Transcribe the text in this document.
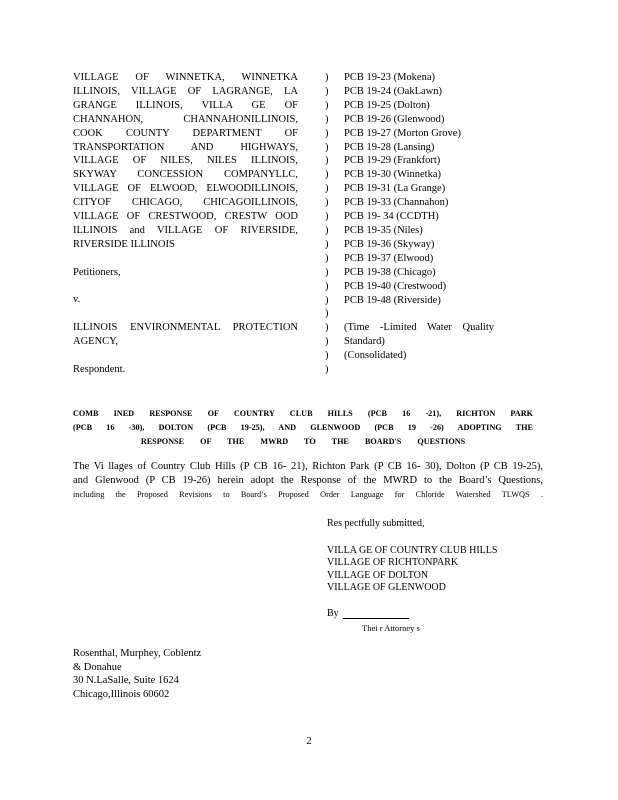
VILLAGE OF WINNETKA, WINNETKA
ILLINOIS, VILLAGE OF LAGRANGE, LA
GRANGE ILLINOIS, VILLA GE OF
CHANNAHON, CHANNAHONILLINOIS,
COOK COUNTY DEPARTMENT OF
TRANSPORTATION AND HIGHWAYS,
VILLAGE OF NILES, NILES ILLINOIS,
SKYWAY CONCESSION COMPANYLLC,
VILLAGE OF ELWOOD, ELWOODILLINOIS,
CITYOF CHICAGO, CHICAGOILLINOIS,
VILLAGE OF CRESTWOOD, CRESTW OOD
ILLINOIS and VILLAGE OF RIVERSIDE,
RIVERSIDE ILLINOIS
Petitioners,
v.
ILLINOIS ENVIRONMENTAL PROTECTION
AGENCY,
Respondent.
)
)
)
)
)
)
)
)
)
)
)
)
)
)
)
)
)
)
)
)
)
)
PCB 19-23 (Mokena)
PCB 19-24 (OakLawn)
PCB 19-25 (Dolton)
PCB 19-26 (Glenwood)
PCB 19-27 (Morton Grove)
PCB 19-28 (Lansing)
PCB 19-29 (Frankfort)
PCB 19-30 (Winnetka)
PCB 19-31 (La Grange)
PCB 19-33 (Channahon)
PCB 19- 34 (CCDTH)
PCB 19-35 (Niles)
PCB 19-36 (Skyway)
PCB 19-37 (Elwood)
PCB 19-38 (Chicago)
PCB 19-40 (Crestwood)
PCB 19-48 (Riverside)
(Time -Limited Water Quality
Standard)
(Consolidated)
COMB INED RESPONSE OF COUNTRY CLUB HILLS (PCB 16 -21), RICHTON PARK
(PCB 16 -30), DOLTON (PCB 19-25), AND GLENWOOD (PCB 19 -26) ADOPTING THE
RESPONSE OF THE MWRD TO THE BOARD'S QUESTIONS
The Vi llages of Country Club Hills (P CB 16- 21), Richton Park (P CB 16- 30), Dolton (P CB 19-25),
and Glenwood (P CB 19-26) herein adopt the Response of the MWRD to the Board’s Questions,
including the Proposed Revisions to Board’s Proposed Order Language for Chloride Watershed TLWQS .
Res pectfully submitted,
VILLA GE OF COUNTRY CLUB HILLS
VILLAGE OF RICHTONPARK
VILLAGE OF DOLTON
VILLAGE OF GLENWOOD
By
Thei r Attorney s
Rosenthal, Murphey, Coblentz
& Donahue
30 N.LaSalle, Suite 1624
Chicago,Illinois 60602
2
